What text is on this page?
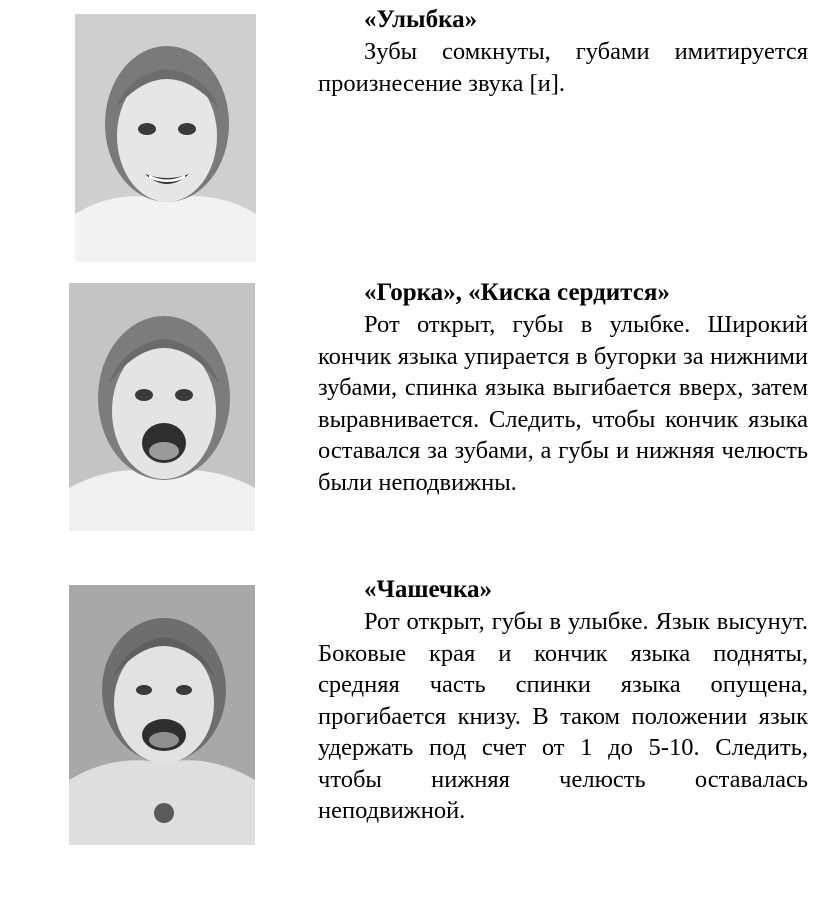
«Улыбка»

Зубы сомкнуты, губами имитируется произнесение звука [и].

«Горка», «Киска сердится»

Рот открыт, губы в улыбке. Широкий кончик языка упирается в бугорки за нижними зубами, спинка языка выгибается вверх, затем выравнивается. Следить, чтобы кончик языка оставался за зубами, а губы и нижняя челюсть были неподвижны.

«Чашечка»

Рот открыт, губы в улыбке. Язык высунут. Боковые края и кончик языка подняты, средняя часть спинки языка опущена, прогибается книзу. В таком положении язык удержать под счет от 1 до 5-10. Следить, чтобы нижняя челюсть оставалась неподвижной.
